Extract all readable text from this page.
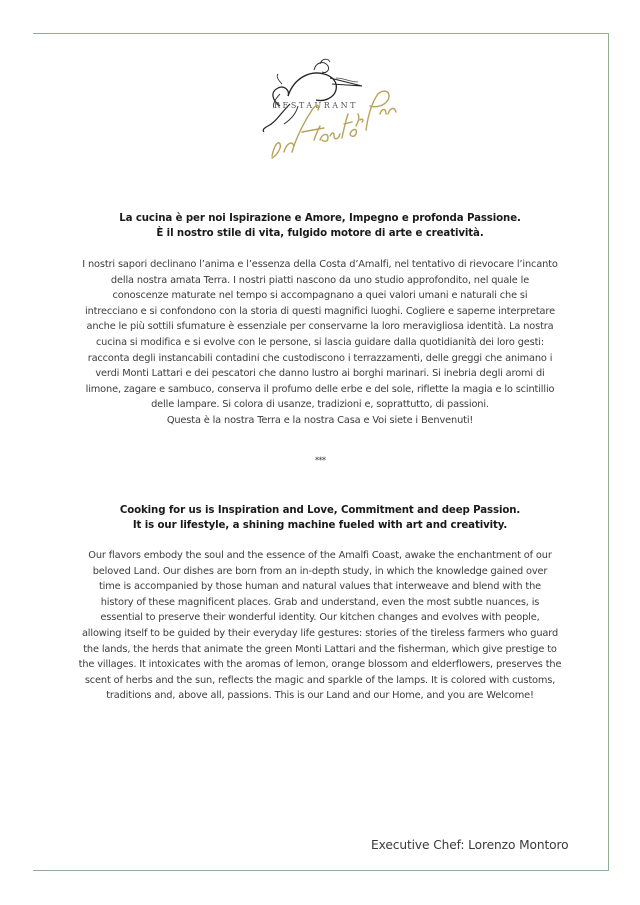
RESTAURANT
La cucina è per noi Ispirazione e Amore, Impegno e profonda Passione.
È il nostro stile di vita, fulgido motore di arte e creatività.
I nostri sapori declinano l’anima e l’essenza della Costa d’Amalfi, nel tentativo di rievocare l’incanto
della nostra amata Terra. I nostri piatti nascono da uno studio approfondito, nel quale le
conoscenze maturate nel tempo si accompagnano a quei valori umani e naturali che si
intrecciano e si confondono con la storia di questi magnifici luoghi. Cogliere e saperne interpretare
anche le più sottili sfumature è essenziale per conservarne la loro meravigliosa identità. La nostra
cucina si modifica e si evolve con le persone, si lascia guidare dalla quotidianità dei loro gesti:
racconta degli instancabili contadini che custodiscono i terrazzamenti, delle greggi che animano i
verdi Monti Lattari e dei pescatori che danno lustro ai borghi marinari. Si inebria degli aromi di
limone, zagare e sambuco, conserva il profumo delle erbe e del sole, riflette la magia e lo scintillio
delle lampare. Si colora di usanze, tradizioni e, soprattutto, di passioni.
Questa è la nostra Terra e la nostra Casa e Voi siete i Benvenuti!
***
Cooking for us is Inspiration and Love, Commitment and deep Passion.
It is our lifestyle, a shining machine fueled with art and creativity.
Our flavors embody the soul and the essence of the Amalfi Coast, awake the enchantment of our
beloved Land. Our dishes are born from an in-depth study, in which the knowledge gained over
time is accompanied by those human and natural values that interweave and blend with the
history of these magnificent places. Grab and understand, even the most subtle nuances, is
essential to preserve their wonderful identity. Our kitchen changes and evolves with people,
allowing itself to be guided by their everyday life gestures: stories of the tireless farmers who guard
the lands, the herds that animate the green Monti Lattari and the fisherman, which give prestige to
the villages. It intoxicates with the aromas of lemon, orange blossom and elderflowers, preserves the
scent of herbs and the sun, reflects the magic and sparkle of the lamps. It is colored with customs,
traditions and, above all, passions. This is our Land and our Home, and you are Welcome!
Executive Chef: Lorenzo Montoro
